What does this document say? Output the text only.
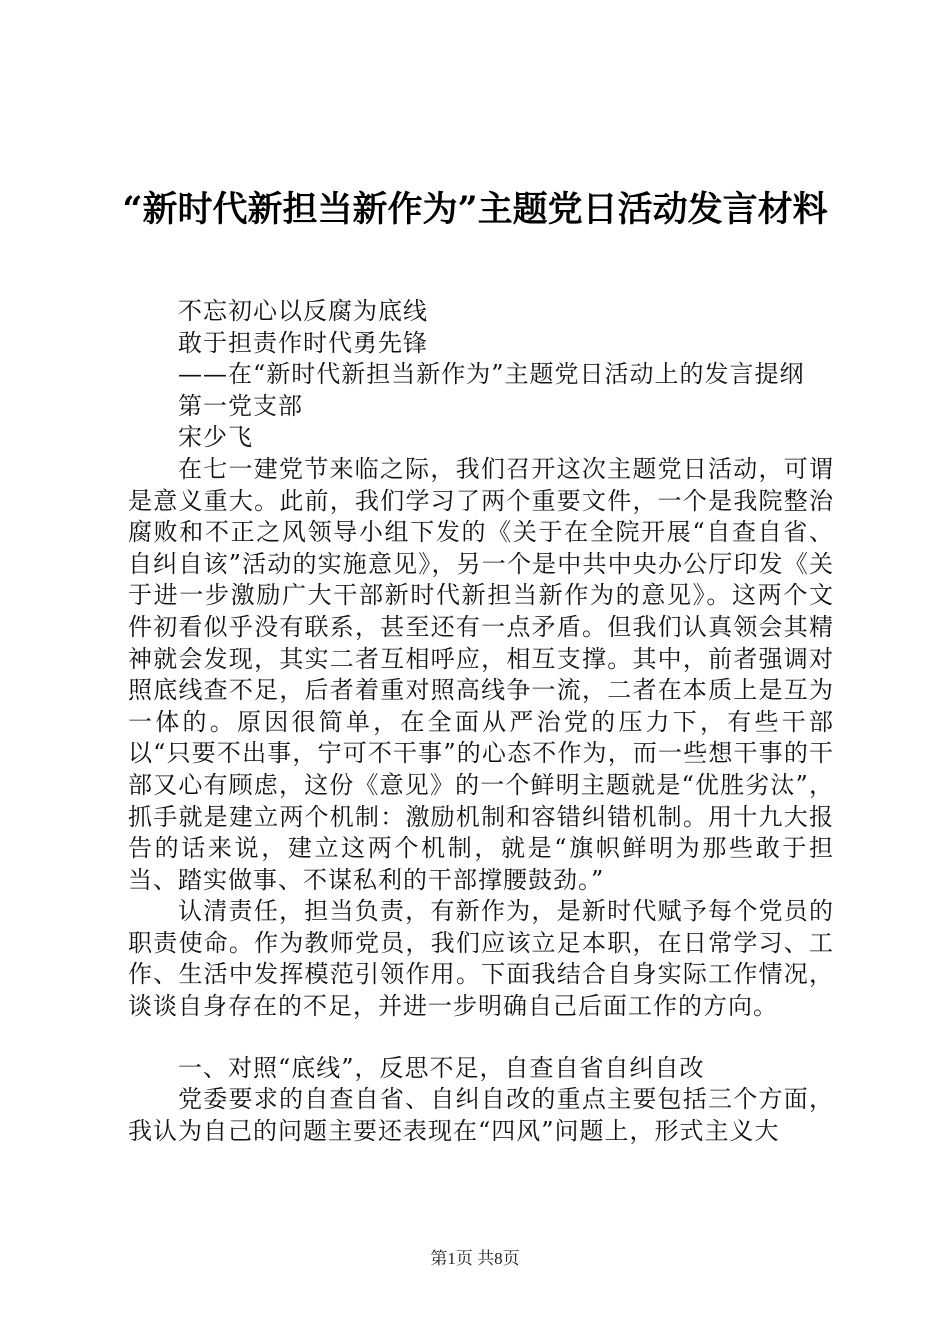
“新时代新担当新作为”主题党日活动发言材料

不忘初心以反腐为底线

敢于担责作时代勇先锋

——在“新时代新担当新作为”主题党日活动上的发言提纲

第一党支部

宋少飞

在七一建党节来临之际，我们召开这次主题党日活动，可谓是意义重大。此前，我们学习了两个重要文件，一个是我院整治腐败和不正之风领导小组下发的《关于在全院开展“自查自省、自纠自该”活动的实施意见》，另一个是中共中央办公厅印发《关于进一步激励广大干部新时代新担当新作为的意见》。这两个文件初看似乎没有联系，甚至还有一点矛盾。但我们认真领会其精神就会发现，其实二者互相呼应，相互支撑。其中，前者强调对照底线查不足，后者着重对照高线争一流，二者在本质上是互为一体的。原因很简单，在全面从严治党的压力下，有些干部以“只要不出事，宁可不干事”的心态不作为，而一些想干事的干部又心有顾虑，这份《意见》的一个鲜明主题就是“优胜劣汰”，抓手就是建立两个机制：激励机制和容错纠错机制。用十九大报告的话来说，建立这两个机制，就是“旗帜鲜明为那些敢于担当、踏实做事、不谋私利的干部撑腰鼓劲。”

认清责任，担当负责，有新作为，是新时代赋予每个党员的职责使命。作为教师党员，我们应该立足本职，在日常学习、工作、生活中发挥模范引领作用。下面我结合自身实际工作情况，谈谈自身存在的不足，并进一步明确自己后面工作的方向。

一、对照“底线”，反思不足，自查自省自纠自改

党委要求的自查自省、自纠自改的重点主要包括三个方面，我认为自己的问题主要还表现在“四风”问题上，形式主义大

第1页 共8页
